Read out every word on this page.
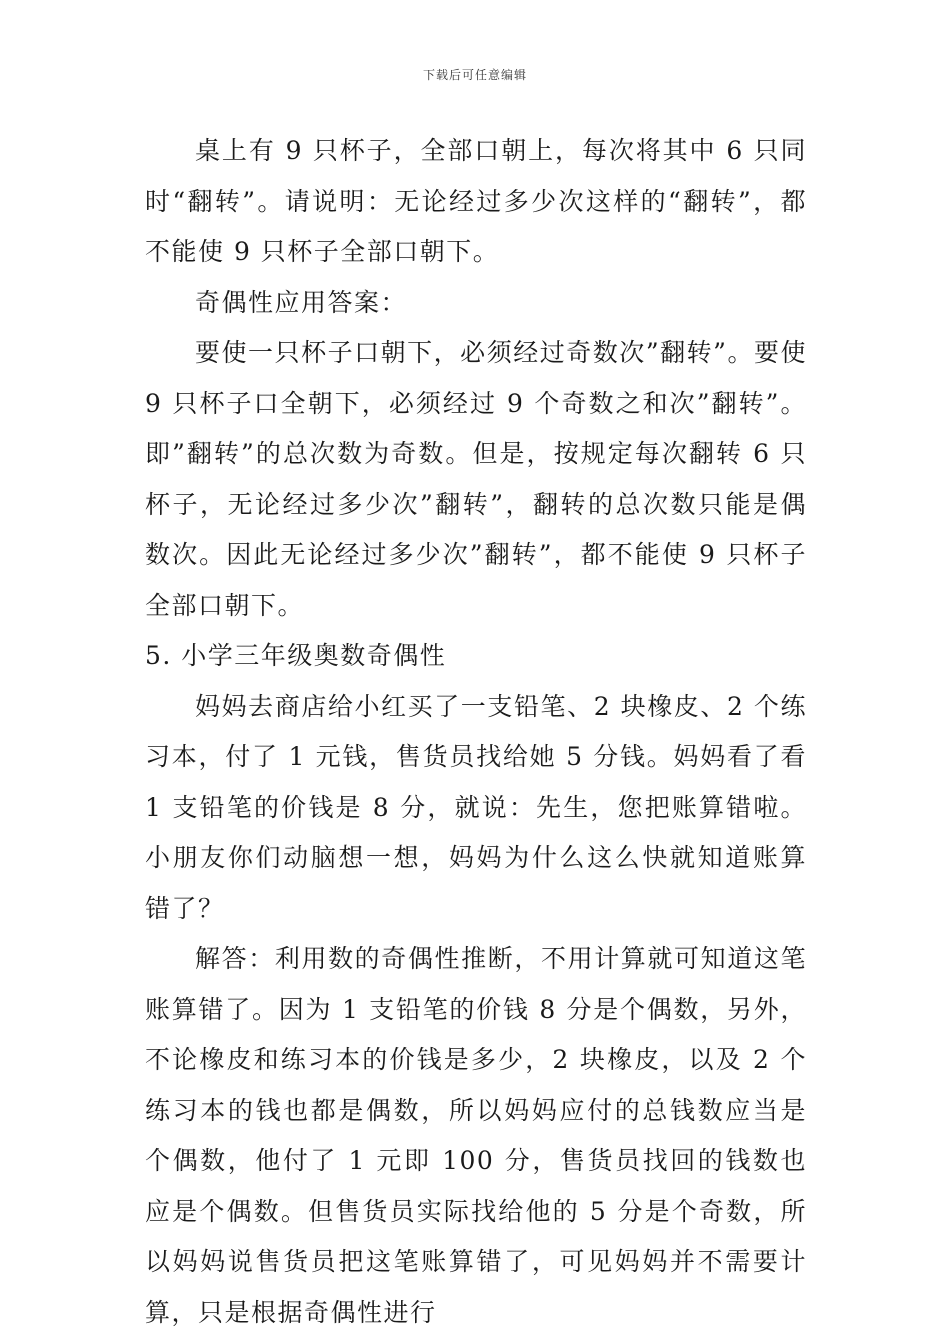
下载后可任意编辑

桌上有 9 只杯子，全部口朝上，每次将其中 6 只同时“翻转”。请说明：无论经过多少次这样的“翻转”，都不能使 9 只杯子全部口朝下。

奇偶性应用答案：

要使一只杯子口朝下，必须经过奇数次”翻转”。要使 9 只杯子口全朝下，必须经过 9 个奇数之和次”翻转”。即”翻转”的总次数为奇数。但是，按规定每次翻转 6 只杯子，无论经过多少次”翻转”，翻转的总次数只能是偶数次。因此无论经过多少次”翻转”，都不能使 9 只杯子全部口朝下。

5. 小学三年级奥数奇偶性

妈妈去商店给小红买了一支铅笔、2 块橡皮、2 个练习本，付了 1 元钱，售货员找给她 5 分钱。妈妈看了看 1 支铅笔的价钱是 8 分，就说：先生，您把账算错啦。小朋友你们动脑想一想，妈妈为什么这么快就知道账算错了？

解答：利用数的奇偶性推断，不用计算就可知道这笔账算错了。因为 1 支铅笔的价钱 8 分是个偶数，另外，不论橡皮和练习本的价钱是多少，2 块橡皮，以及 2 个练习本的钱也都是偶数，所以妈妈应付的总钱数应当是个偶数，他付了 1 元即 100 分，售货员找回的钱数也应是个偶数。但售货员实际找给他的 5 分是个奇数，所以妈妈说售货员把这笔账算错了，可见妈妈并不需要计算，只是根据奇偶性进行
